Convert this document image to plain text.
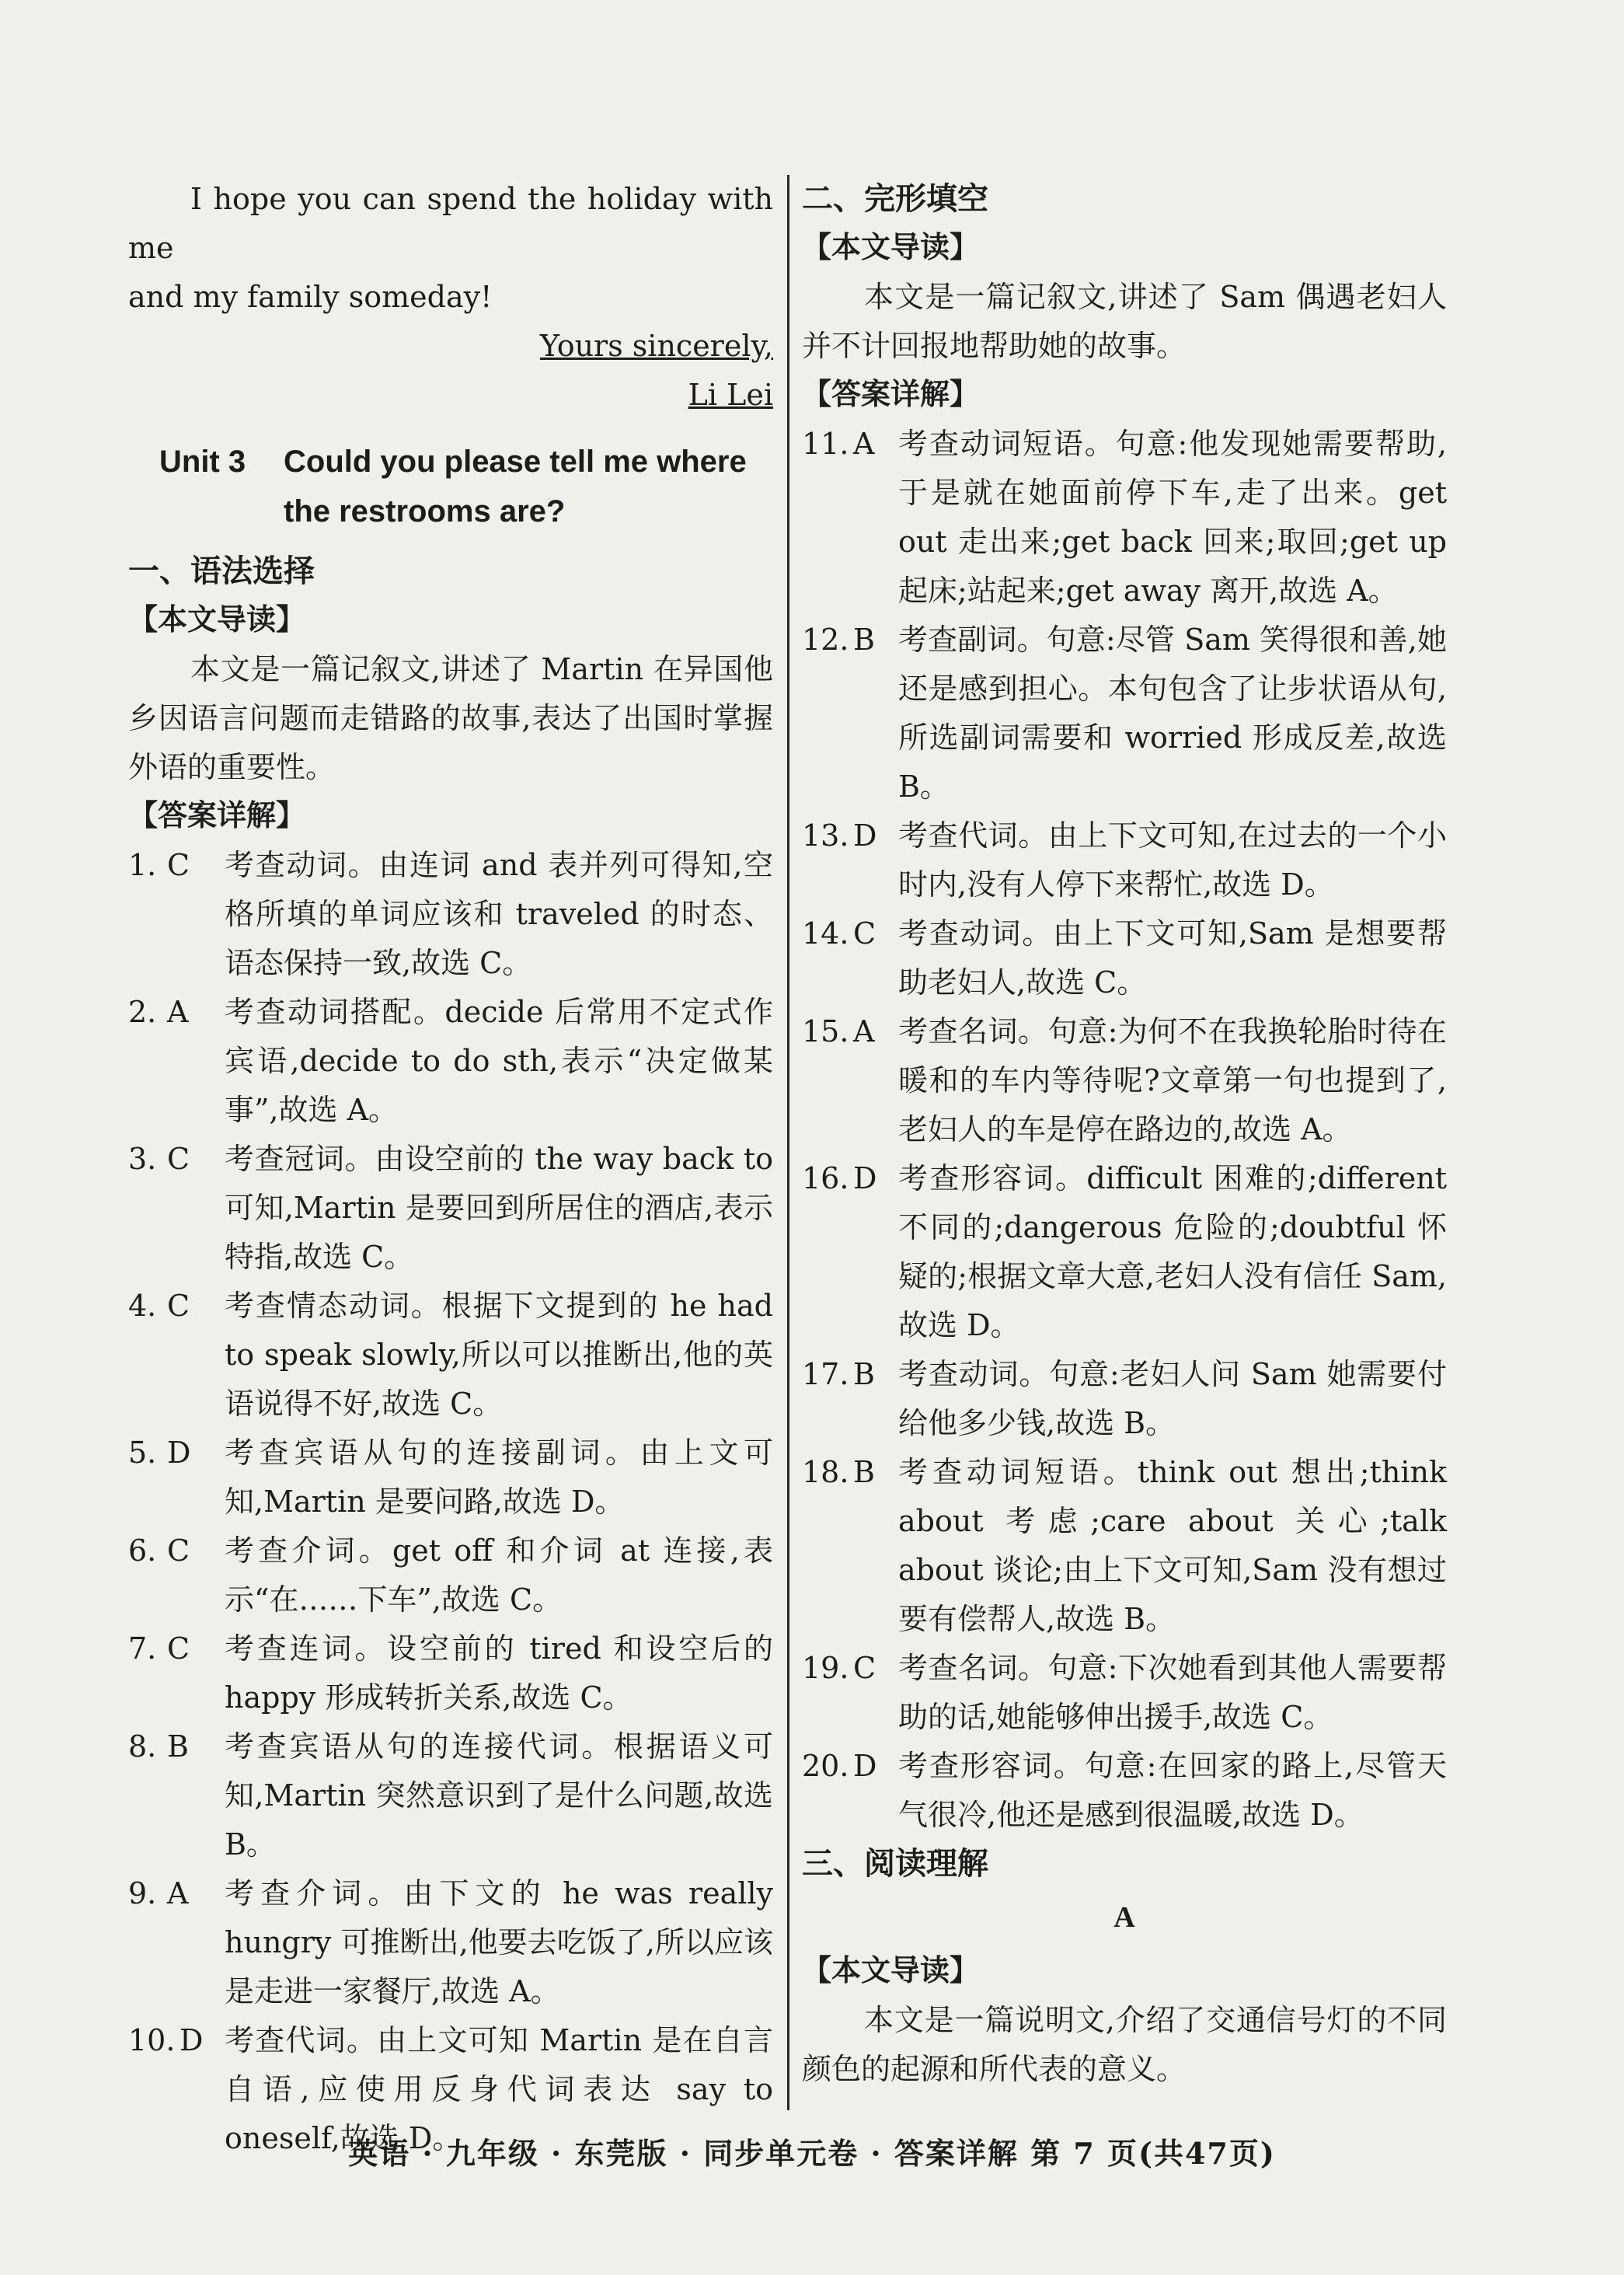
I hope you can spend the holiday with me

and my family someday!

Yours sincerely,

Li Lei

Unit 3	Could you please tell me where
the restrooms are?

一、语法选择

【本文导读】

本文是一篇记叙文,讲述了 Martin 在异国他乡因语言问题而走错路的故事,表达了出国时掌握外语的重要性。

【答案详解】

1. C	考查动词。由连词 and 表并列可得知,空格所填的单词应该和 traveled 的时态、语态保持一致,故选 C。
2. A	考查动词搭配。decide 后常用不定式作宾语,decide to do sth,表示“决定做某事”,故选 A。
3. C	考查冠词。由设空前的 the way back to 可知,Martin 是要回到所居住的酒店,表示特指,故选 C。
4. C	考查情态动词。根据下文提到的 he had to speak slowly,所以可以推断出,他的英语说得不好,故选 C。
5. D	考查宾语从句的连接副词。由上文可知,Martin 是要问路,故选 D。
6. C	考查介词。get off 和介词 at 连接,表示“在……下车”,故选 C。
7. C	考查连词。设空前的 tired 和设空后的 happy 形成转折关系,故选 C。
8. B	考查宾语从句的连接代词。根据语义可知,Martin 突然意识到了是什么问题,故选 B。
9. A	考查介词。由下文的 he was really hungry 可推断出,他要去吃饭了,所以应该是走进一家餐厅,故选 A。
10. D 考查代词。由上文可知 Martin 是在自言自语,应使用反身代词表达 say to oneself,故选 D。

二、完形填空

【本文导读】

本文是一篇记叙文,讲述了 Sam 偶遇老妇人并不计回报地帮助她的故事。

【答案详解】

11. A 考查动词短语。句意:他发现她需要帮助,于是就在她面前停下车,走了出来。get out 走出来;get back 回来;取回;get up 起床;站起来;get away 离开,故选 A。
12. B 考查副词。句意:尽管 Sam 笑得很和善,她还是感到担心。本句包含了让步状语从句,所选副词需要和 worried 形成反差,故选 B。
13. D 考查代词。由上下文可知,在过去的一个小时内,没有人停下来帮忙,故选 D。
14. C 考查动词。由上下文可知,Sam 是想要帮助老妇人,故选 C。
15. A 考查名词。句意:为何不在我换轮胎时待在暖和的车内等待呢?文章第一句也提到了,老妇人的车是停在路边的,故选 A。
16. D 考查形容词。difficult 困难的;different 不同的;dangerous 危险的;doubtful 怀疑的;根据文章大意,老妇人没有信任 Sam,故选 D。
17. B 考查动词。句意:老妇人问 Sam 她需要付给他多少钱,故选 B。
18. B 考查动词短语。think out 想出;think about 考虑;care about 关心;talk about 谈论;由上下文可知,Sam 没有想过要有偿帮人,故选 B。
19. C 考查名词。句意:下次她看到其他人需要帮助的话,她能够伸出援手,故选 C。
20. D 考查形容词。句意:在回家的路上,尽管天气很冷,他还是感到很温暖,故选 D。

三、阅读理解

A

【本文导读】

本文是一篇说明文,介绍了交通信号灯的不同颜色的起源和所代表的意义。

英语 · 九年级 · 东莞版 · 同步单元卷 · 答案详解 第 7 页(共47页)
